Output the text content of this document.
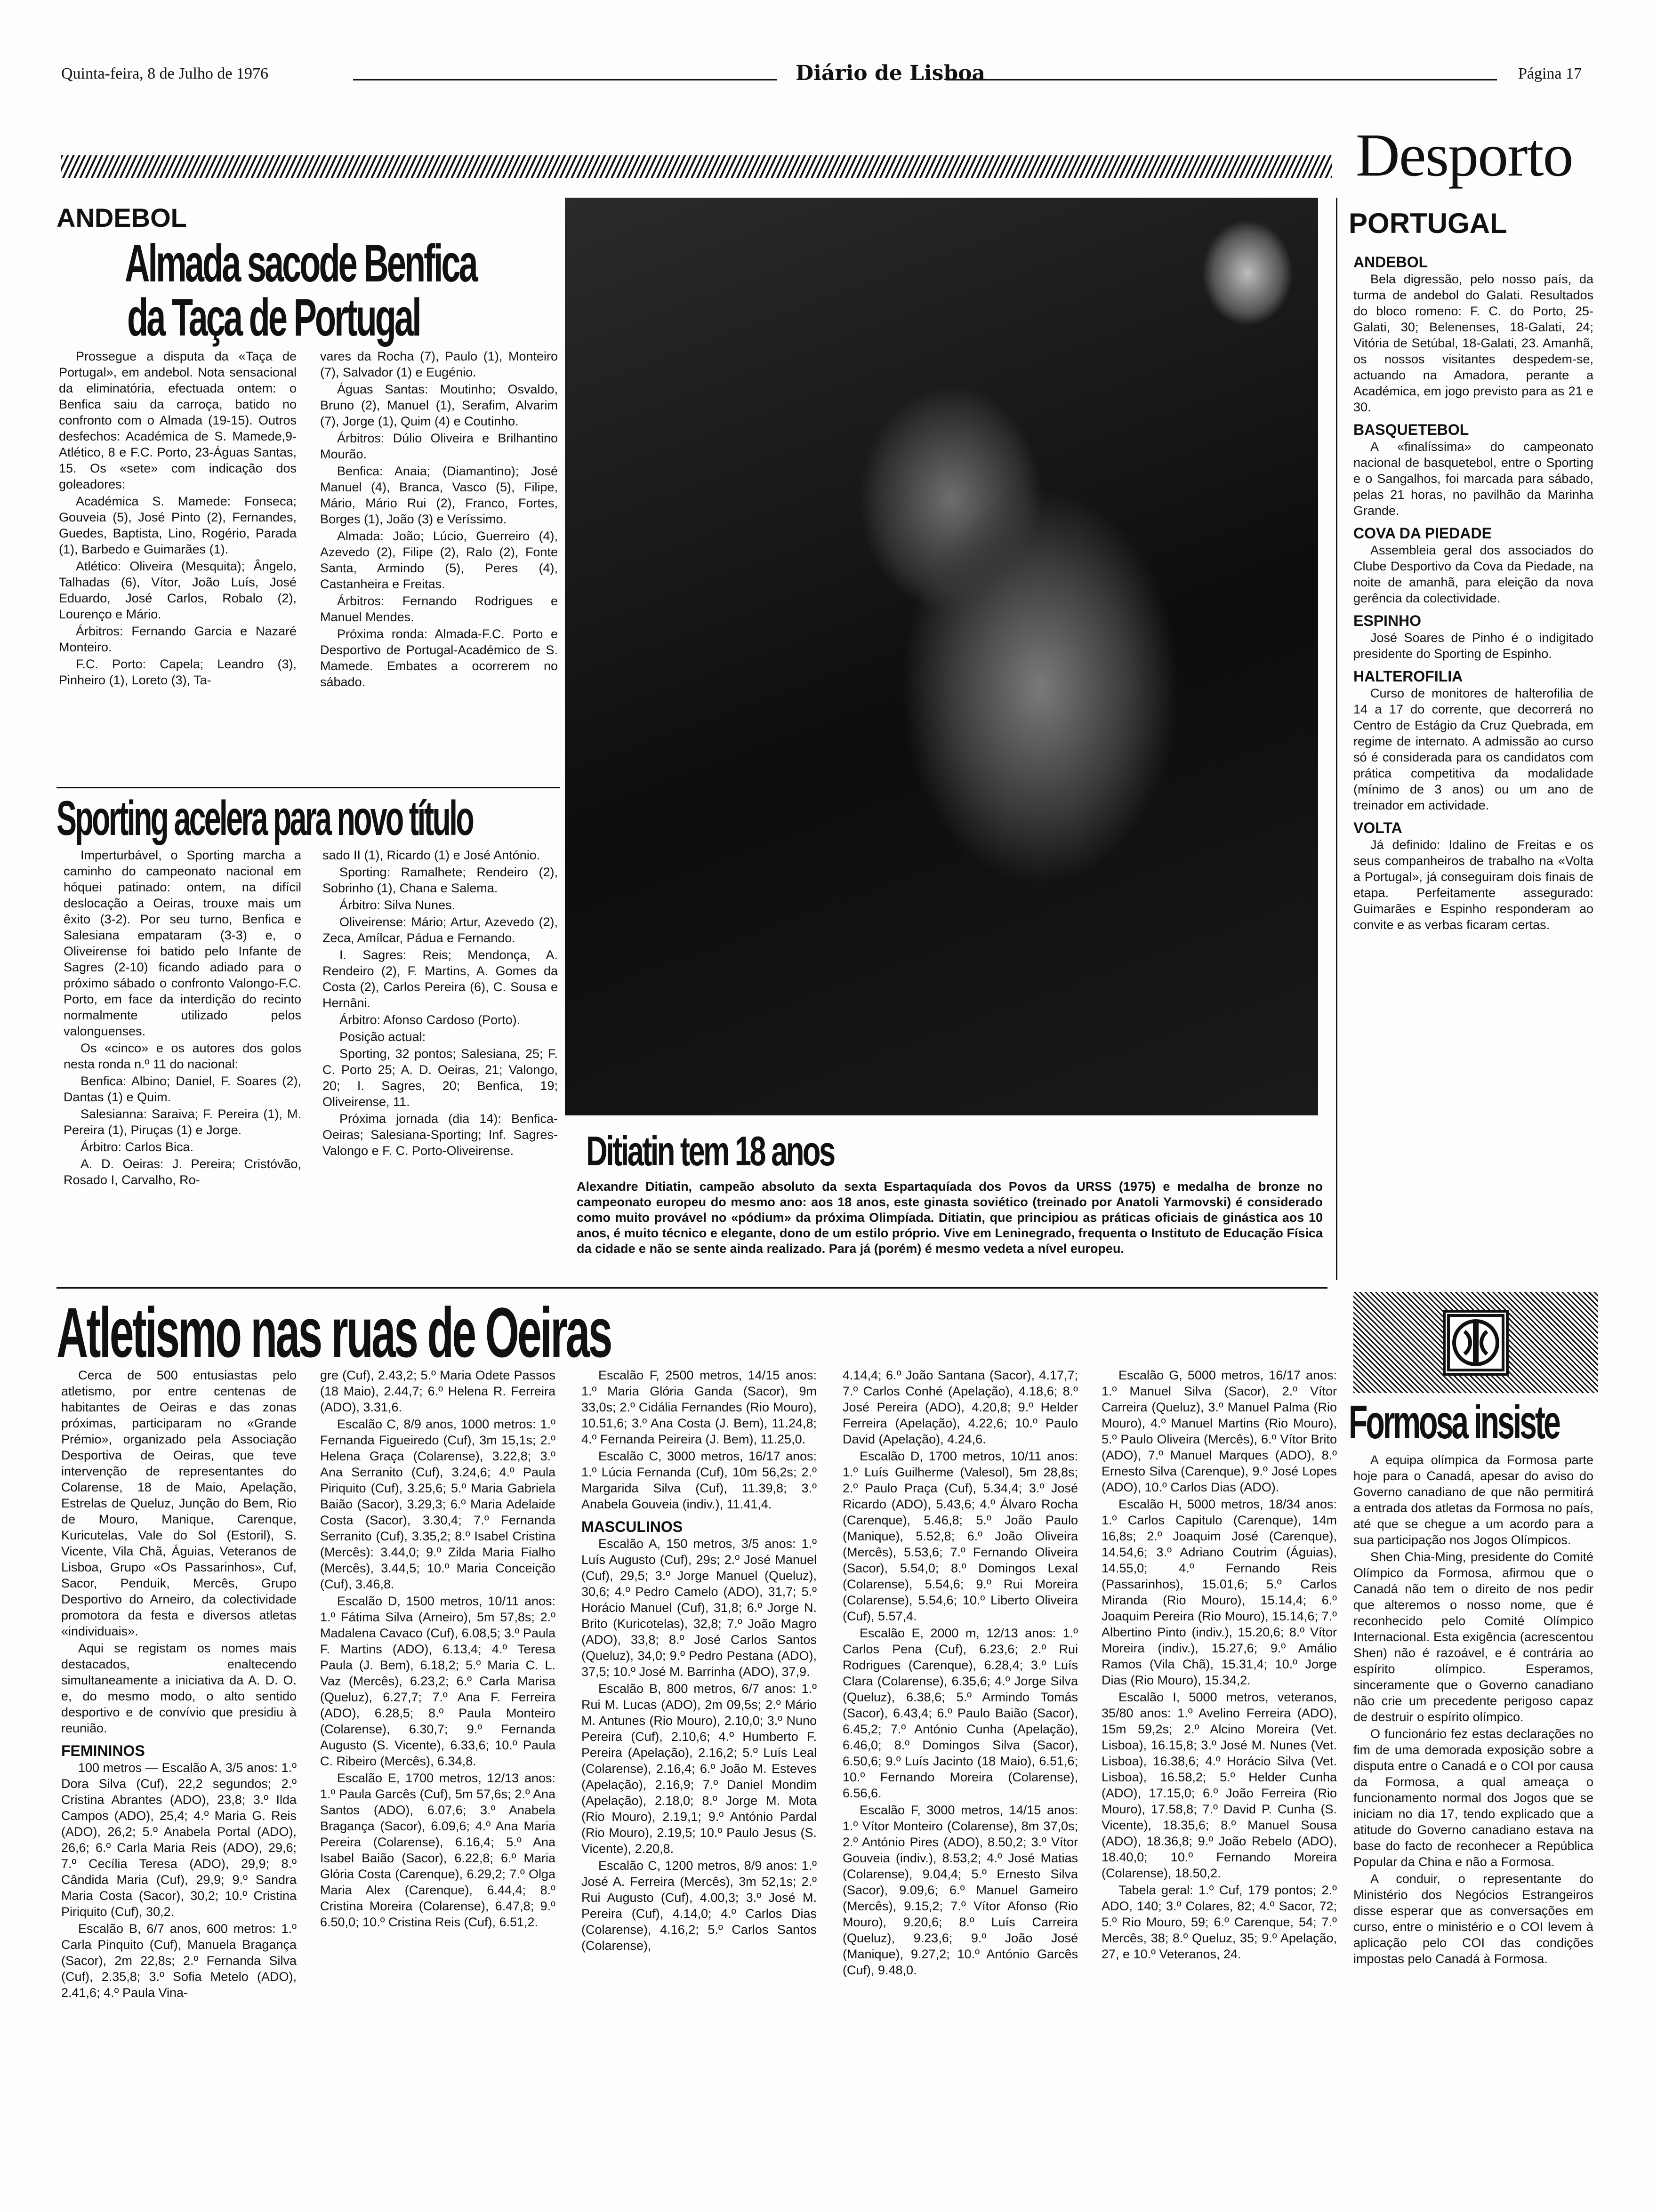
Quinta-feira, 8 de Julho de 1976	Diário de Lisboa	Página 17
Desporto
ANDEBOL
Almada sacode Benfica
da Taça de Portugal

Prossegue a disputa da «Taça de Portugal», em andebol. Nota sensacional da eliminatória, efectuada ontem: o Benfica saiu da carroça, batido no confronto com o Almada (19-15). Outros desfechos: Académica de S. Mamede,9-Atlético, 8 e F.C. Porto, 23-Águas Santas, 15. Os «sete» com indicação dos goleadores:

Académica S. Mamede: Fonseca; Gouveia (5), José Pinto (2), Fernandes, Guedes, Baptista, Lino, Rogério, Parada (1), Barbedo e Guimarães (1).

Atlético: Oliveira (Mesquita); Ângelo, Talhadas (6), Vítor, João Luís, José Eduardo, José Carlos, Robalo (2), Lourenço e Mário.

Árbitros: Fernando Garcia e Nazaré Monteiro.

F.C. Porto: Capela; Leandro (3), Pinheiro (1), Loreto (3), Ta-

vares da Rocha (7), Paulo (1), Monteiro (7), Salvador (1) e Eugénio.

Águas Santas: Moutinho; Osvaldo, Bruno (2), Manuel (1), Serafim, Alvarim (7), Jorge (1), Quim (4) e Coutinho.

Árbitros: Dúlio Oliveira e Brilhantino Mourão.

Benfica: Anaia; (Diamantino); José Manuel (4), Branca, Vasco (5), Filipe, Mário, Mário Rui (2), Franco, Fortes, Borges (1), João (3) e Veríssimo.

Almada: João; Lúcio, Guerreiro (4), Azevedo (2), Filipe (2), Ralo (2), Fonte Santa, Armindo (5), Peres (4), Castanheira e Freitas.

Árbitros: Fernando Rodrigues e Manuel Mendes.

Próxima ronda: Almada-F.C. Porto e Desportivo de Portugal-Académico de S. Mamede. Embates a ocorrerem no sábado.

Sporting acelera para novo título

Imperturbável, o Sporting marcha a caminho do campeonato nacional em hóquei patinado: ontem, na difícil deslocação a Oeiras, trouxe mais um êxito (3-2). Por seu turno, Benfica e Salesiana empataram (3-3) e, o Oliveirense foi batido pelo Infante de Sagres (2-10) ficando adiado para o próximo sábado o confronto Valongo-F.C. Porto, em face da interdição do recinto normalmente utilizado pelos valonguenses.

Os «cinco» e os autores dos golos nesta ronda n.º 11 do nacional:

Benfica: Albino; Daniel, F. Soares (2), Dantas (1) e Quim.

Salesianna: Saraiva; F. Pereira (1), M. Pereira (1), Piruças (1) e Jorge.

Árbitro: Carlos Bica.

A. D. Oeiras: J. Pereira; Cristóvão, Rosado I, Carvalho, Ro-

sado II (1), Ricardo (1) e José António.

Sporting: Ramalhete; Rendeiro (2), Sobrinho (1), Chana e Salema.

Árbitro: Silva Nunes.

Oliveirense: Mário; Artur, Azevedo (2), Zeca, Amílcar, Pádua e Fernando.

I. Sagres: Reis; Mendonça, A. Rendeiro (2), F. Martins, A. Gomes da Costa (2), Carlos Pereira (6), C. Sousa e Hernâni.

Árbitro: Afonso Cardoso (Porto).

Posição actual:

Sporting, 32 pontos; Salesiana, 25; F. C. Porto 25; A. D. Oeiras, 21; Valongo, 20; I. Sagres, 20; Benfica, 19; Oliveirense, 11.

Próxima jornada (dia 14): Benfica-Oeiras; Salesiana-Sporting; Inf. Sagres-Valongo e F. C. Porto-Oliveirense.	Ditiatin tem 18 anos
Alexandre Ditiatin, campeão absoluto da sexta Espartaquíada dos Povos da URSS (1975) e medalha de bronze no campeonato europeu do mesmo ano: aos 18 anos, este ginasta soviético (treinado por Anatoli Yarmovski) é considerado como muito provável no «pódium» da próxima Olimpíada. Ditiatin, que principiou as práticas oficiais de ginástica aos 10 anos, é muito técnico e elegante, dono de um estilo próprio. Vive em Leninegrado, frequenta o Instituto de Educação Física da cidade e não se sente ainda realizado. Para já (porém) é mesmo vedeta a nível europeu.
PORTUGAL

ANDEBOL

Bela digressão, pelo nosso país, da turma de andebol do Galati. Resultados do bloco romeno: F. C. do Porto, 25-Galati, 30; Belenenses, 18-Galati, 24; Vitória de Setúbal, 18-Galati, 23. Amanhã, os nossos visitantes despedem-se, actuando na Amadora, perante a Académica, em jogo previsto para as 21 e 30.

BASQUETEBOL

A «finalíssima» do campeonato nacional de basquetebol, entre o Sporting e o Sangalhos, foi marcada para sábado, pelas 21 horas, no pavilhão da Marinha Grande.

COVA DA PIEDADE

Assembleia geral dos associados do Clube Desportivo da Cova da Piedade, na noite de amanhã, para eleição da nova gerência da colectividade.

ESPINHO

José Soares de Pinho é o indigitado presidente do Sporting de Espinho.

HALTEROFILIA

Curso de monitores de halterofilia de 14 a 17 do corrente, que decorrerá no Centro de Estágio da Cruz Quebrada, em regime de internato. A admissão ao curso só é considerada para os candidatos com prática competitiva da modalidade (mínimo de 3 anos) ou um ano de treinador em actividade.

VOLTA

Já definido: Idalino de Freitas e os seus companheiros de trabalho na «Volta a Portugal», já conseguiram dois finais de etapa. Perfeitamente assegurado: Guimarães e Espinho responderam ao convite e as verbas ficaram certas.

Atletismo nas ruas de Oeiras

Cerca de 500 entusiastas pelo atletismo, por entre centenas de habitantes de Oeiras e das zonas próximas, participaram no «Grande Prémio», organizado pela Associação Desportiva de Oeiras, que teve intervenção de representantes do Colarense, 18 de Maio, Apelação, Estrelas de Queluz, Junção do Bem, Rio de Mouro, Manique, Carenque, Kuricutelas, Vale do Sol (Estoril), S. Vicente, Vila Chã, Águias, Veteranos de Lisboa, Grupo «Os Passarinhos», Cuf, Sacor, Penduik, Mercês, Grupo Desportivo do Arneiro, da colectividade promotora da festa e diversos atletas «individuais».

Aqui se registam os nomes mais destacados, enaltecendo simultaneamente a iniciativa da A. D. O. e, do mesmo modo, o alto sentido desportivo e de convívio que presidiu à reunião.

FEMININOS

100 metros — Escalão A, 3/5 anos: 1.º Dora Silva (Cuf), 22,2 segundos; 2.º Cristina Abrantes (ADO), 23,8; 3.º Ilda Campos (ADO), 25,4; 4.º Maria G. Reis (ADO), 26,2; 5.º Anabela Portal (ADO), 26,6; 6.º Carla Maria Reis (ADO), 29,6; 7.º Cecília Teresa (ADO), 29,9; 8.º Cândida Maria (Cuf), 29,9; 9.º Sandra Maria Costa (Sacor), 30,2; 10.º Cristina Piriquito (Cuf), 30,2.

Escalão B, 6/7 anos, 600 metros: 1.º Carla Pinquito (Cuf), Manuela Bragança (Sacor), 2m 22,8s; 2.º Fernanda Silva (Cuf), 2.35,8; 3.º Sofia Metelo (ADO), 2.41,6; 4.º Paula Vina-

gre (Cuf), 2.43,2; 5.º Maria Odete Passos (18 Maio), 2.44,7; 6.º Helena R. Ferreira (ADO), 3.31,6.

Escalão C, 8/9 anos, 1000 metros: 1.º Fernanda Figueiredo (Cuf), 3m 15,1s; 2.º Helena Graça (Colarense), 3.22,8; 3.º Ana Serranito (Cuf), 3.24,6; 4.º Paula Piriquito (Cuf), 3.25,6; 5.º Maria Gabriela Baião (Sacor), 3.29,3; 6.º Maria Adelaide Costa (Sacor), 3.30,4; 7.º Fernanda Serranito (Cuf), 3.35,2; 8.º Isabel Cristina (Mercês): 3.44,0; 9.º Zilda Maria Fialho (Mercês), 3.44,5; 10.º Maria Conceição (Cuf), 3.46,8.

Escalão D, 1500 metros, 10/11 anos: 1.º Fátima Silva (Arneiro), 5m 57,8s; 2.º Madalena Cavaco (Cuf), 6.08,5; 3.º Paula F. Martins (ADO), 6.13,4; 4.º Teresa Paula (J. Bem), 6.18,2; 5.º Maria C. L. Vaz (Mercês), 6.23,2; 6.º Carla Marisa (Queluz), 6.27,7; 7.º Ana F. Ferreira (ADO), 6.28,5; 8.º Paula Monteiro (Colarense), 6.30,7; 9.º Fernanda Augusto (S. Vicente), 6.33,6; 10.º Paula C. Ribeiro (Mercês), 6.34,8.

Escalão E, 1700 metros, 12/13 anos: 1.º Paula Garcês (Cuf), 5m 57,6s; 2.º Ana Santos (ADO), 6.07,6; 3.º Anabela Bragança (Sacor), 6.09,6; 4.º Ana Maria Pereira (Colarense), 6.16,4; 5.º Ana Isabel Baião (Sacor), 6.22,8; 6.º Maria Glória Costa (Carenque), 6.29,2; 7.º Olga Maria Alex (Carenque), 6.44,4; 8.º Cristina Moreira (Colarense), 6.47,8; 9.º 6.50,0; 10.º Cristina Reis (Cuf), 6.51,2.

Escalão F, 2500 metros, 14/15 anos: 1.º Maria Glória Ganda (Sacor), 9m 33,0s; 2.º Cidália Fernandes (Rio Mouro), 10.51,6; 3.º Ana Costa (J. Bem), 11.24,8; 4.º Fernanda Peireira (J. Bem), 11.25,0.

Escalão C, 3000 metros, 16/17 anos: 1.º Lúcia Fernanda (Cuf), 10m 56,2s; 2.º Margarida Silva (Cuf), 11.39,8; 3.º Anabela Gouveia (indiv.), 11.41,4.

MASCULINOS

Escalão A, 150 metros, 3/5 anos: 1.º Luís Augusto (Cuf), 29s; 2.º José Manuel (Cuf), 29,5; 3.º Jorge Manuel (Queluz), 30,6; 4.º Pedro Camelo (ADO), 31,7; 5.º Horácio Manuel (Cuf), 31,8; 6.º Jorge N. Brito (Kuricotelas), 32,8; 7.º João Magro (ADO), 33,8; 8.º José Carlos Santos (Queluz), 34,0; 9.º Pedro Pestana (ADO), 37,5; 10.º José M. Barrinha (ADO), 37,9.

Escalão B, 800 metros, 6/7 anos: 1.º Rui M. Lucas (ADO), 2m 09,5s; 2.º Mário M. Antunes (Rio Mouro), 2.10,0; 3.º Nuno Pereira (Cuf), 2.10,6; 4.º Humberto F. Pereira (Apelação), 2.16,2; 5.º Luís Leal (Colarense), 2.16,4; 6.º João M. Esteves (Apelação), 2.16,9; 7.º Daniel Mondim (Apelação), 2.18,0; 8.º Jorge M. Mota (Rio Mouro), 2.19,1; 9.º António Pardal (Rio Mouro), 2.19,5; 10.º Paulo Jesus (S. Vicente), 2.20,8.

Escalão C, 1200 metros, 8/9 anos: 1.º José A. Ferreira (Mercês), 3m 52,1s; 2.º Rui Augusto (Cuf), 4.00,3; 3.º José M. Pereira (Cuf), 4.14,0; 4.º Carlos Dias (Colarense), 4.16,2; 5.º Carlos Santos (Colarense),

4.14,4; 6.º João Santana (Sacor), 4.17,7; 7.º Carlos Conhé (Apelação), 4.18,6; 8.º José Pereira (ADO), 4.20,8; 9.º Helder Ferreira (Apelação), 4.22,6; 10.º Paulo David (Apelação), 4.24,6.

Escalão D, 1700 metros, 10/11 anos: 1.º Luís Guilherme (Valesol), 5m 28,8s; 2.º Paulo Praça (Cuf), 5.34,4; 3.º José Ricardo (ADO), 5.43,6; 4.º Álvaro Rocha (Carenque), 5.46,8; 5.º João Paulo (Manique), 5.52,8; 6.º João Oliveira (Mercês), 5.53,6; 7.º Fernando Oliveira (Sacor), 5.54,0; 8.º Domingos Lexal (Colarense), 5.54,6; 9.º Rui Moreira (Colarense), 5.54,6; 10.º Liberto Oliveira (Cuf), 5.57,4.

Escalão E, 2000 m, 12/13 anos: 1.º Carlos Pena (Cuf), 6.23,6; 2.º Rui Rodrigues (Carenque), 6.28,4; 3.º Luís Clara (Colarense), 6.35,6; 4.º Jorge Silva (Queluz), 6.38,6; 5.º Armindo Tomás (Sacor), 6.43,4; 6.º Paulo Baião (Sacor), 6.45,2; 7.º António Cunha (Apelação), 6.46,0; 8.º Domingos Silva (Sacor), 6.50,6; 9.º Luís Jacinto (18 Maio), 6.51,6; 10.º Fernando Moreira (Colarense), 6.56,6.

Escalão F, 3000 metros, 14/15 anos: 1.º Vítor Monteiro (Colarense), 8m 37,0s; 2.º António Pires (ADO), 8.50,2; 3.º Vítor Gouveia (indiv.), 8.53,2; 4.º José Matias (Colarense), 9.04,4; 5.º Ernesto Silva (Sacor), 9.09,6; 6.º Manuel Gameiro (Mercês), 9.15,2; 7.º Vítor Afonso (Rio Mouro), 9.20,6; 8.º Luís Carreira (Queluz), 9.23,6; 9.º João José (Manique), 9.27,2; 10.º António Garcês (Cuf), 9.48,0.

Escalão G, 5000 metros, 16/17 anos: 1.º Manuel Silva (Sacor), 2.º Vítor Carreira (Queluz), 3.º Manuel Palma (Rio Mouro), 4.º Manuel Martins (Rio Mouro), 5.º Paulo Oliveira (Mercês), 6.º Vítor Brito (ADO), 7.º Manuel Marques (ADO), 8.º Ernesto Silva (Carenque), 9.º José Lopes (ADO), 10.º Carlos Dias (ADO).

Escalão H, 5000 metros, 18/34 anos: 1.º Carlos Capitulo (Carenque), 14m 16,8s; 2.º Joaquim José (Carenque), 14.54,6; 3.º Adriano Coutrim (Águias), 14.55,0; 4.º Fernando Reis (Passarinhos), 15.01,6; 5.º Carlos Miranda (Rio Mouro), 15.14,4; 6.º Joaquim Pereira (Rio Mouro), 15.14,6; 7.º Albertino Pinto (indiv.), 15.20,6; 8.º Vítor Moreira (indiv.), 15.27,6; 9.º Amálio Ramos (Vila Chã), 15.31,4; 10.º Jorge Dias (Rio Mouro), 15.34,2.

Escalão I, 5000 metros, veteranos, 35/80 anos: 1.º Avelino Ferreira (ADO), 15m 59,2s; 2.º Alcino Moreira (Vet. Lisboa), 16.15,8; 3.º José M. Nunes (Vet. Lisboa), 16.38,6; 4.º Horácio Silva (Vet. Lisboa), 16.58,2; 5.º Helder Cunha (ADO), 17.15,0; 6.º João Ferreira (Rio Mouro), 17.58,8; 7.º David P. Cunha (S. Vicente), 18.35,6; 8.º Manuel Sousa (ADO), 18.36,8; 9.º João Rebelo (ADO), 18.40,0; 10.º Fernando Moreira (Colarense), 18.50,2.

Tabela geral: 1.º Cuf, 179 pontos; 2.º ADO, 140; 3.º Colares, 82; 4.º Sacor, 72; 5.º Rio Mouro, 59; 6.º Carenque, 54; 7.º Mercês, 38; 8.º Queluz, 35; 9.º Apelação, 27, e 10.º Veteranos, 24.

Formosa insiste

A equipa olímpica da Formosa parte hoje para o Canadá, apesar do aviso do Governo canadiano de que não permitirá a entrada dos atletas da Formosa no país, até que se chegue a um acordo para a sua participação nos Jogos Olímpicos.

Shen Chia-Ming, presidente do Comité Olímpico da Formosa, afirmou que o Canadá não tem o direito de nos pedir que alteremos o nosso nome, que é reconhecido pelo Comité Olímpico Internacional. Esta exigência (acrescentou Shen) não é razoável, e é contrária ao espírito olímpico. Esperamos, sinceramente que o Governo canadiano não crie um precedente perigoso capaz de destruir o espírito olímpico.

O funcionário fez estas declarações no fim de uma demorada exposição sobre a disputa entre o Canadá e o COI por causa da Formosa, a qual ameaça o funcionamento normal dos Jogos que se iniciam no dia 17, tendo explicado que a atitude do Governo canadiano estava na base do facto de reconhecer a República Popular da China e não a Formosa.

A conduir, o representante do Ministério dos Negócios Estrangeiros disse esperar que as conversações em curso, entre o ministério e o COI levem à aplicação pelo COI das condições impostas pelo Canadá à Formosa.
